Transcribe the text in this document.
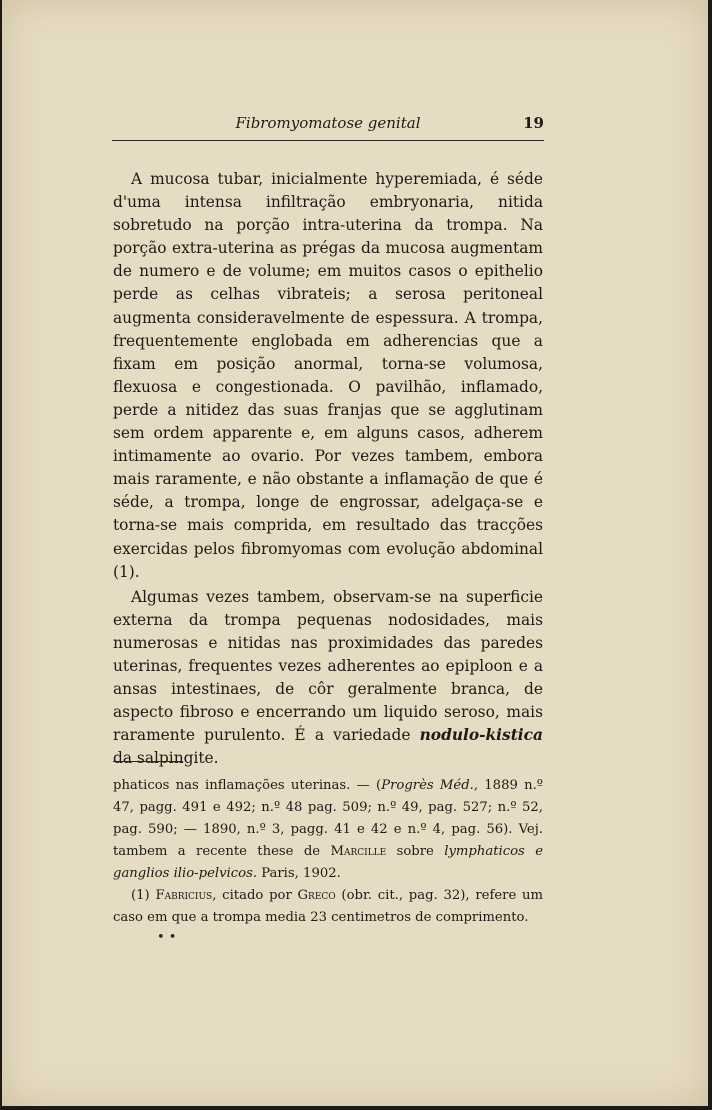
Fibromyomatose genital	19

A mucosa tubar, inicialmente hyperemiada, é séde d'uma intensa infiltração embryonaria, nitida sobretudo na porção intra-uterina da trompa. Na porção extra-uterina as prégas da mucosa augmentam de numero e de volume; em muitos casos o epithelio perde as celhas vibrateis; a serosa peritoneal augmenta consideravelmente de espessura. A trompa, frequentemente englobada em adherencias que a fixam em posição anormal, torna-se volumosa, flexuosa e congestionada. O pavilhão, inflamado, perde a nitidez das suas franjas que se agglutinam sem ordem apparente e, em alguns casos, adherem intimamente ao ovario. Por vezes tambem, embora mais raramente, e não obstante a inflamação de que é séde, a trompa, longe de engrossar, adelgaça-se e torna-se mais comprida, em resultado das tracções exercidas pelos fibromyomas com evolução abdominal (1).

Algumas vezes tambem, observam-se na superficie externa da trompa pequenas nodosidades, mais numerosas e nitidas nas proximidades das paredes uterinas, frequentes vezes adherentes ao epiploon e a ansas intestinaes, de côr geralmente branca, de aspecto fibroso e encerrando um liquido seroso, mais raramente purulento. É a variedade nodulo-kistica da salpingite.

phaticos nas inflamações uterinas. — (Progrès Méd., 1889 n.º 47, pagg. 491 e 492; n.º 48 pag. 509; n.º 49, pag. 527; n.º 52, pag. 590; — 1890, n.º 3, pagg. 41 e 42 e n.º 4, pag. 56). Vej. tambem a recente these de Marcille sobre lymphaticos e ganglios ilio-pelvicos. Paris, 1902.

(1) Fabricius, citado por Greco (obr. cit., pag. 32), refere um caso em que a trompa media 23 centimetros de comprimento.

• •
